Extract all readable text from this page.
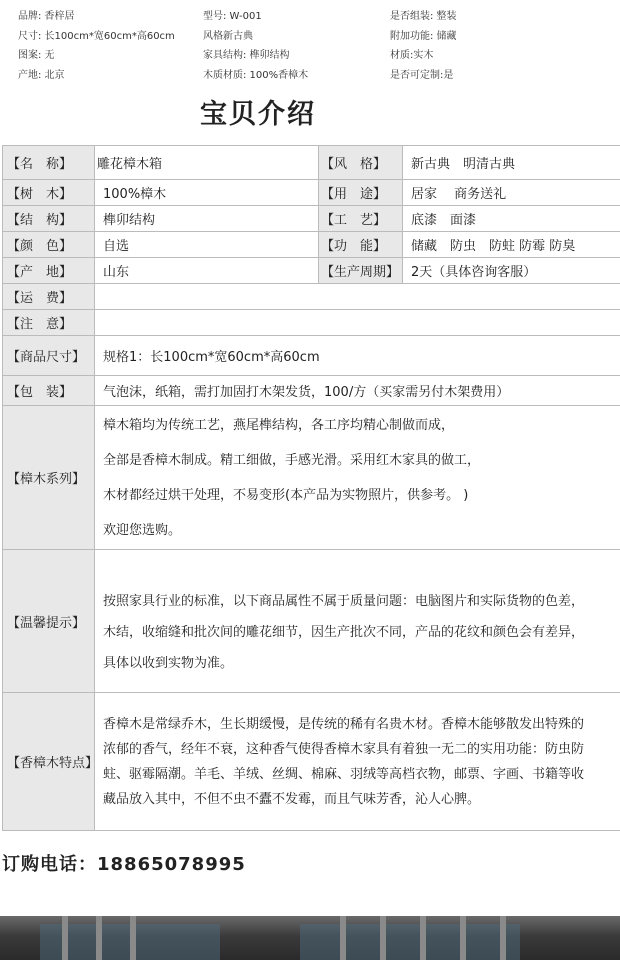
品牌: 香梓居	型号: W-001	是否组装: 整装
尺寸: 长100cm*宽60cm*高60cm	风格新古典	附加功能: 储藏
图案: 无	家具结构: 榫卯结构	材质:实木
产地: 北京	木质材质: 100%香樟木	是否可定制:是
宝贝介绍
【名　称】	雕花樟木箱	【风　格】	新古典　明清古典
【树　木】	100%樟木	【用　途】	居家　 商务送礼
【结　构】	榫卯结构	【工　艺】	底漆　面漆
【颜　色】	自选	【功　能】	储藏　防虫　防蛀 防霉 防臭
【产　地】	山东	【生产周期】	2天（具体咨询客服）
【运　费】			
【注　意】			
【商品尺寸】	规格1：长100cm*宽60cm*高60cm		
【包　装】	气泡沫，纸箱，需打加固打木架发货，100/方（买家需另付木架费用）		
【樟木系列】	樟木箱均为传统工艺，燕尾榫结构，各工序均精心制做而成，

全部是香樟木制成。精工细做，手感光滑。采用红木家具的做工，

木材都经过烘干处理，不易变形(本产品为实物照片，供参考。 )

欢迎您选购。		

【温馨提示】	按照家具行业的标准，以下商品属性不属于质量问题：电脑图片和实际货物的色差，

木结，收缩缝和批次间的雕花细节，因生产批次不同，产品的花纹和颜色会有差异，

具体以收到实物为准。		

【香樟木特点】	香樟木是常绿乔木，生长期缓慢，是传统的稀有名贵木材。香樟木能够散发出特殊的

浓郁的香气，经年不衰，这种香气使得香樟木家具有着独一无二的实用功能：防虫防

蛀、驱霉隔潮。羊毛、羊绒、丝绸、棉麻、羽绒等高档衣物，邮票、字画、书籍等收

藏品放入其中，不但不虫不蠹不发霉，而且气味芳香，沁人心脾。		

订购电话：18865078995
